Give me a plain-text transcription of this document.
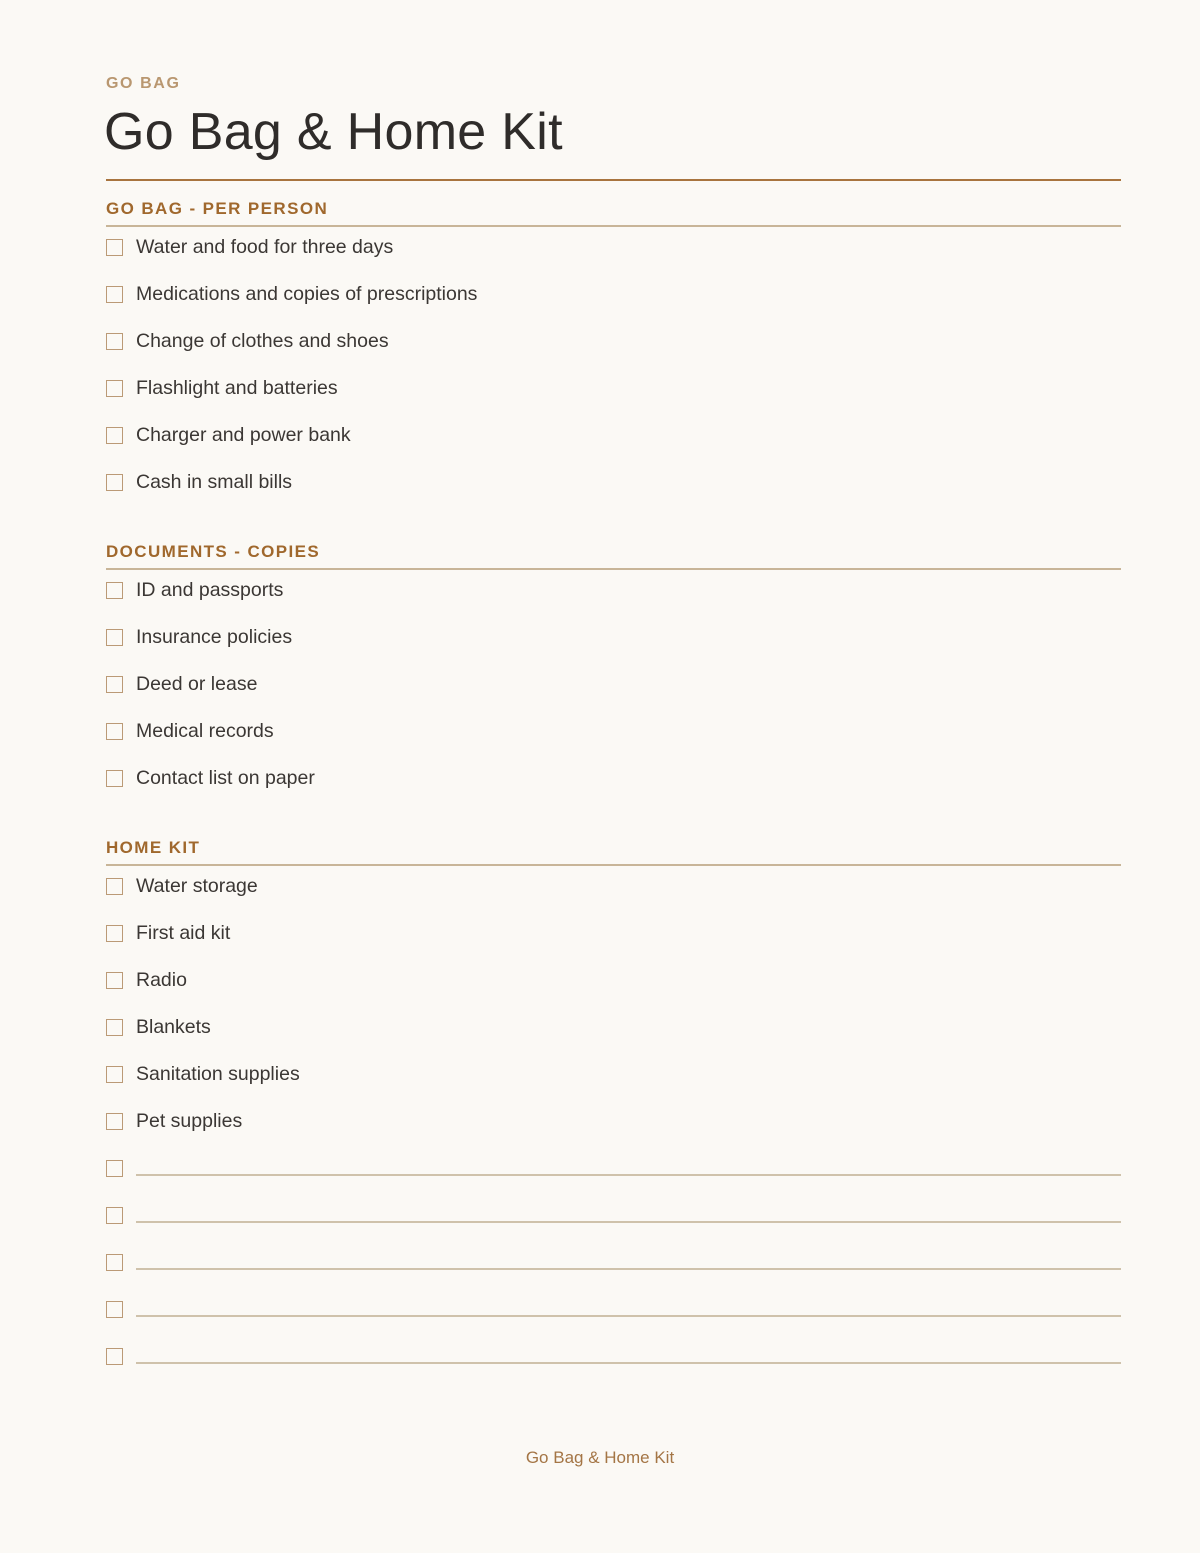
GO BAG
Go Bag & Home Kit
GO BAG - PER PERSON
Water and food for three days
Medications and copies of prescriptions
Change of clothes and shoes
Flashlight and batteries
Charger and power bank
Cash in small bills
DOCUMENTS - COPIES
ID and passports
Insurance policies
Deed or lease
Medical records
Contact list on paper
HOME KIT
Water storage
First aid kit
Radio
Blankets
Sanitation supplies
Pet supplies
Go Bag & Home Kit
